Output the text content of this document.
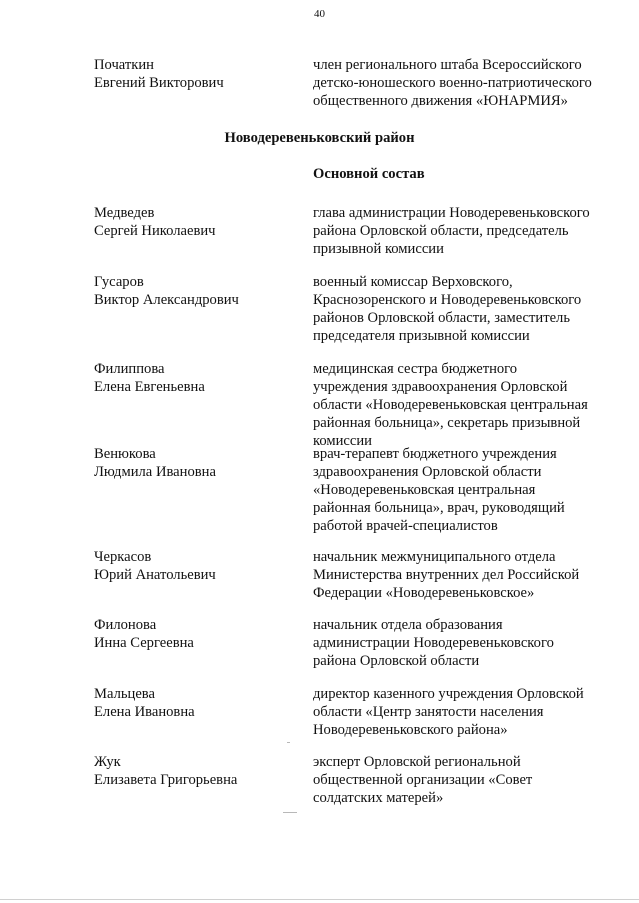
40
Початкин
Евгений Викторович
член регионального штаба Всероссийского
детско-юношеского военно-патриотического
общественного движения «ЮНАРМИЯ»
Новодеревеньковский район
Основной состав
Медведев
Сергей Николаевич
глава администрации Новодеревеньковского
района Орловской области, председатель
призывной комиссии
Гусаров
Виктор Александрович
военный комиссар Верховского,
Краснозоренского и Новодеревеньковского
районов Орловской области, заместитель
председателя призывной комиссии
Филиппова
Елена Евгеньевна
медицинская сестра бюджетного
учреждения здравоохранения Орловской
области «Новодеревеньковская центральная
районная больница», секретарь призывной
комиссии
Венюкова
Людмила Ивановна
врач-терапевт бюджетного учреждения
здравоохранения Орловской области
«Новодеревеньковская центральная
районная больница», врач, руководящий
работой врачей-специалистов
Черкасов
Юрий Анатольевич
начальник межмуниципального отдела
Министерства внутренних дел Российской
Федерации «Новодеревеньковское»
Филонова
Инна Сергеевна
начальник отдела образования
администрации Новодеревеньковского
района Орловской области
Мальцева
Елена Ивановна
директор казенного учреждения Орловской
области «Центр занятости населения
Новодеревеньковского района»
Жук
Елизавета Григорьевна
эксперт Орловской региональной
общественной организации «Совет
солдатских матерей»
